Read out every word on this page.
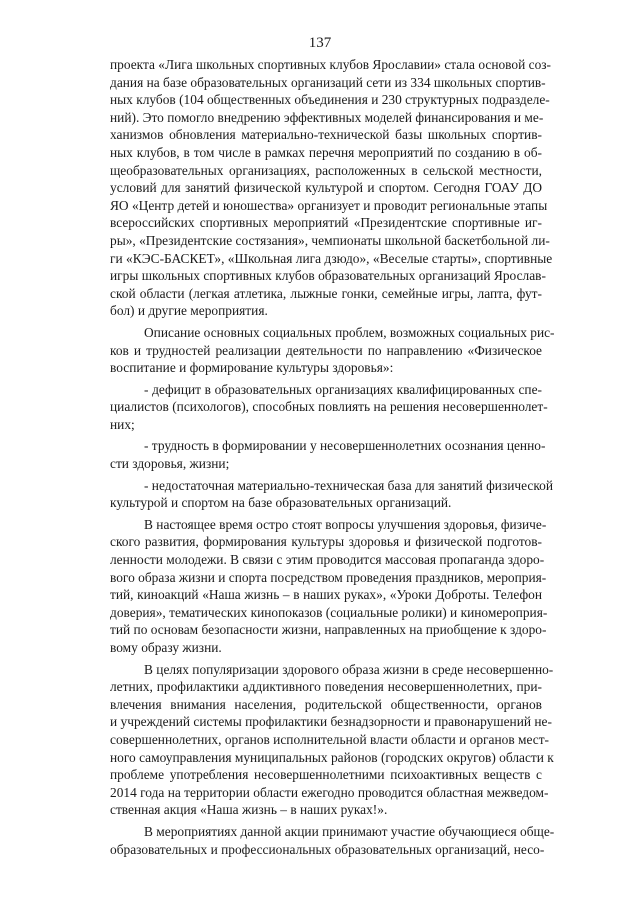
137
проекта «Лига школьных спортивных клубов Ярославии» стала основой соз-
дания на базе образовательных организаций сети из 334 школьных спортив-
ных клубов (104 общественных объединения и 230 структурных подразделе-
ний). Это помогло внедрению эффективных моделей финансирования и ме-
ханизмов обновления материально-технической базы школьных спортив-
ных клубов, в том числе в рамках перечня мероприятий по созданию в об-
щеобразовательных организациях, расположенных в сельской местности,
условий для занятий физической культурой и спортом. Сегодня ГОАУ ДО
ЯО «Центр детей и юношества» организует и проводит региональные этапы
всероссийских спортивных мероприятий «Президентские спортивные иг-
ры», «Президентские состязания», чемпионаты школьной баскетбольной ли-
ги «КЭС-БАСКЕТ», «Школьная лига дзюдо», «Веселые старты», спортивные
игры школьных спортивных клубов образовательных организаций Ярослав-
ской области (легкая атлетика, лыжные гонки, семейные игры, лапта, фут-
бол) и другие мероприятия.
Описание основных социальных проблем, возможных социальных рис-
ков и трудностей реализации деятельности по направлению «Физическое
воспитание и формирование культуры здоровья»:
- дефицит в образовательных организациях квалифицированных спе-
циалистов (психологов), способных повлиять на решения несовершеннолет-
них;
- трудность в формировании у несовершеннолетних осознания ценно-
сти здоровья, жизни;
- недостаточная материально-техническая база для занятий физической
культурой и спортом на базе образовательных организаций.
В настоящее время остро стоят вопросы улучшения здоровья, физиче-
ского развития, формирования культуры здоровья и физической подготов-
ленности молодежи. В связи с этим проводится массовая пропаганда здоро-
вого образа жизни и спорта посредством проведения праздников, мероприя-
тий, киноакций «Наша жизнь – в наших руках», «Уроки Доброты. Телефон
доверия», тематических кинопоказов (социальные ролики) и киномероприя-
тий по основам безопасности жизни, направленных на приобщение к здоро-
вому образу жизни.
В целях популяризации здорового образа жизни в среде несовершенно-
летних, профилактики аддиктивного поведения несовершеннолетних, при-
влечения внимания населения, родительской общественности, органов
и учреждений системы профилактики безнадзорности и правонарушений не-
совершеннолетних, органов исполнительной власти области и органов мест-
ного самоуправления муниципальных районов (городских округов) области к
проблеме употребления несовершеннолетними психоактивных веществ с
2014 года на территории области ежегодно проводится областная межведом-
ственная акция «Наша жизнь – в наших руках!».
В мероприятиях данной акции принимают участие обучающиеся обще-
образовательных и профессиональных образовательных организаций, несо-
